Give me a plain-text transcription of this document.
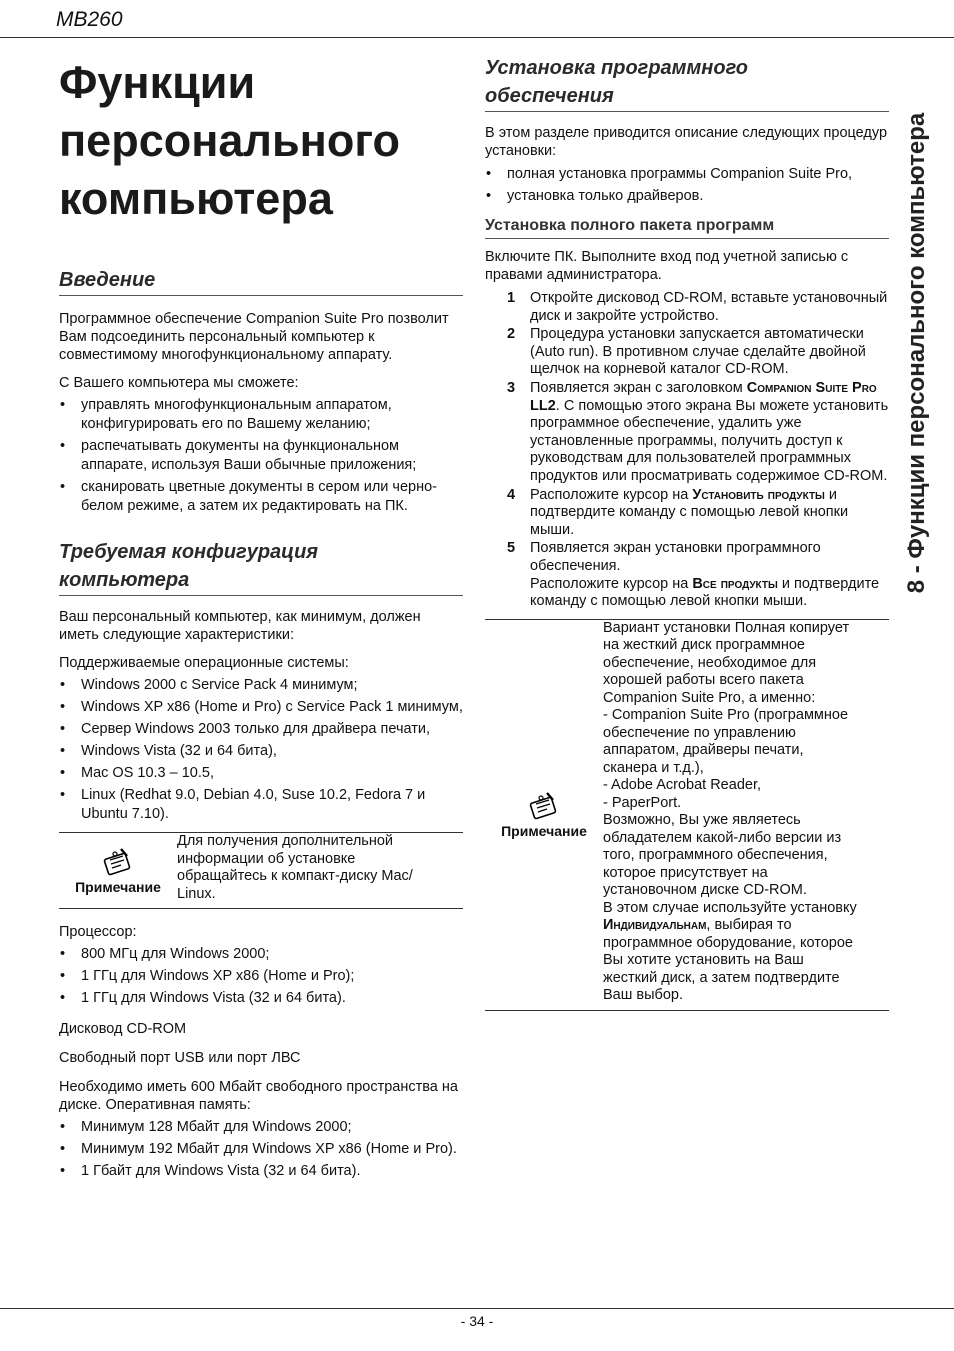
MB260
8 - Функции персонального компьютера
Функции
персонального
компьютера
Введение

Программное обеспечение Companion Suite Pro позволит Вам подсоединить персональный компьютер к совместимому многофункциональному аппарату.

С Вашего компьютера мы сможете:

• управлять многофункциональным аппаратом, конфигурировать его по Вашему желанию;
• распечатывать документы на функциональном аппарате, используя Ваши обычные приложения;
• сканировать цветные документы в сером или черно-белом режиме, а затем их редактировать на ПК.
Требуемая конфигурация компьютера

Ваш персональный компьютер, как минимум, должен иметь следующие характеристики:

Поддерживаемые операционные системы:

• Windows 2000 с Service Pack 4 минимум;
• Windows XP x86 (Home и Pro) с Service Pack 1 минимум,
• Сервер Windows 2003 только для драйвера печати,
• Windows Vista (32 и 64 бита),
• Mac OS 10.3 – 10.5,
• Linux (Redhat 9.0, Debian 4.0, Suse 10.2, Fedora 7 и Ubuntu 7.10).
Примечание
Для получения дополнительной
информации об установке
обращайтесь к компакт-диску Mac/
Linux.

Процессор:

• 800 МГц для Windows 2000;
• 1 ГГц для Windows XP x86 (Home и Pro);
• 1 ГГц для Windows Vista (32 и 64 бита).

Дисковод CD-ROM

Свободный порт USB или порт ЛВС

Необходимо иметь 600 Мбайт свободного пространства на диске. Оперативная память:

• Минимум 128 Мбайт для Windows 2000;
• Минимум 192 Мбайт для Windows XP x86 (Home и Pro).
• 1 Гбайт для Windows Vista (32 и 64 бита).
Установка программного обеспечения

В этом разделе приводится описание следующих процедур установки:

• полная установка программы Companion Suite Pro,
• установка только драйверов.
Установка полного пакета программ

Включите ПК. Выполните вход под учетной записью с правами администратора.

1	Откройте дисковод CD-ROM, вставьте установочный диск и закройте устройство.
2	Процедура установки запускается автоматически (Auto run). В противном случае сделайте двойной щелчок на корневой каталог CD-ROM.
3	Появляется экран с заголовком Companion Suite Pro LL2. С помощью этого экрана Вы можете установить программное обеспечение, удалить уже установленные программы, получить доступ к руководствам для пользователей программных продуктов или просматривать содержимое CD-ROM.
4	Расположите курсор на Установить продукты и подтвердите команду с помощью левой кнопки мыши.
5	Появляется экран установки программного обеспечения.
Расположите курсор на Все продукты и подтвердите команду с помощью левой кнопки мыши.
Примечание
Вариант установки Полная копирует
на жесткий диск программное
обеспечение, необходимое для
хорошей работы всего пакета
Companion Suite Pro, а именно:
- Companion Suite Pro (программное
обеспечение по управлению
аппаратом, драйверы печати,
сканера и т.д.),
- Adobe Acrobat Reader,
- PaperPort.
Возможно, Вы уже являетесь
обладателем какой-либо версии из
того, программного обеспечения,
которое присутствует на
установочном диске CD-ROM.
В этом случае используйте установку
Индивидуальнаµ, выбирая то
программное оборудование, которое
Вы хотите установить на Ваш
жесткий диск, а затем подтвердите
Ваш выбор.
- 34 -
